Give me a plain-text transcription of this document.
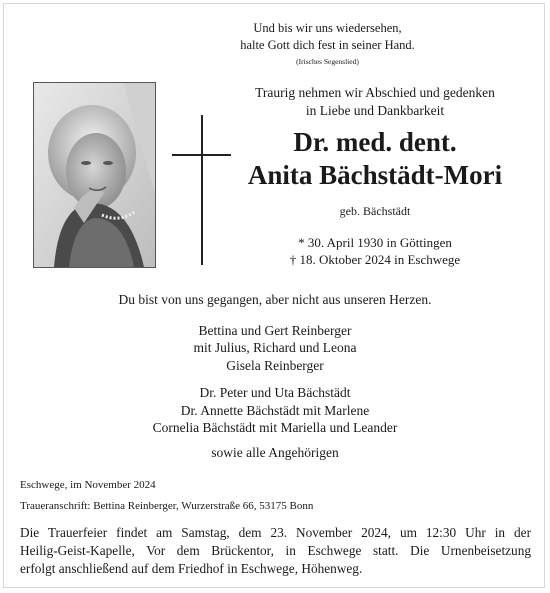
Und bis wir uns wiedersehen,
halte Gott dich fest in seiner Hand.
(Irisches Segenslied)
Traurig nehmen wir Abschied und gedenken
in Liebe und Dankbarkeit
Dr. med. dent.
Anita Bächstädt-Mori
geb. Bächstädt
* 30. April 1930 in Göttingen
† 18. Oktober 2024 in Eschwege
Du bist von uns gegangen, aber nicht aus unseren Herzen.
Bettina und Gert Reinberger
mit Julius, Richard und Leona
Gisela Reinberger
Dr. Peter und Uta Bächstädt
Dr. Annette Bächstädt mit Marlene
Cornelia Bächstädt mit Mariella und Leander
sowie alle Angehörigen
Eschwege, im November 2024
Traueranschrift: Bettina Reinberger, Wurzerstraße 66, 53175 Bonn
Die Trauerfeier findet am Samstag, dem 23. November 2024, um 12:30 Uhr in der
Heilig-Geist-Kapelle, Vor dem Brückentor, in Eschwege statt. Die Urnenbeisetzung
erfolgt anschließend auf dem Friedhof in Eschwege, Höhenweg.
